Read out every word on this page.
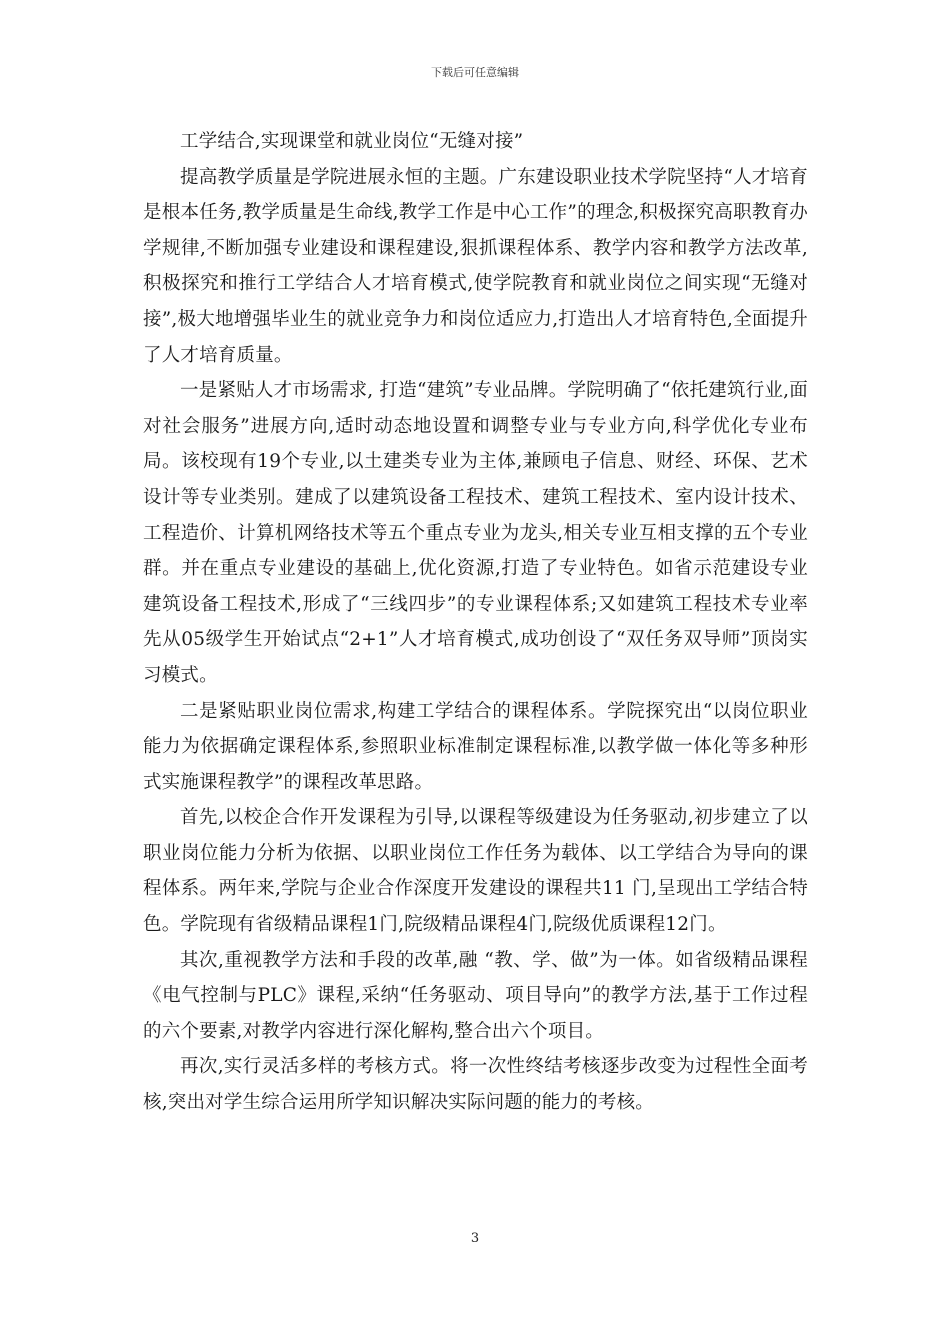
下载后可任意编辑

工学结合,实现课堂和就业岗位“无缝对接”

提高教学质量是学院进展永恒的主题。广东建设职业技术学院坚持“人才培育是根本任务,教学质量是生命线,教学工作是中心工作”的理念,积极探究高职教育办学规律,不断加强专业建设和课程建设,狠抓课程体系、教学内容和教学方法改革,积极探究和推行工学结合人才培育模式,使学院教育和就业岗位之间实现“无缝对接”,极大地增强毕业生的就业竞争力和岗位适应力,打造出人才培育特色,全面提升了人才培育质量。

一是紧贴人才市场需求, 打造“建筑”专业品牌。学院明确了“依托建筑行业,面对社会服务”进展方向,适时动态地设置和调整专业与专业方向,科学优化专业布局。该校现有19个专业,以土建类专业为主体,兼顾电子信息、财经、环保、艺术设计等专业类别。建成了以建筑设备工程技术、建筑工程技术、室内设计技术、工程造价、计算机网络技术等五个重点专业为龙头,相关专业互相支撑的五个专业群。并在重点专业建设的基础上,优化资源,打造了专业特色。如省示范建设专业建筑设备工程技术,形成了“三线四步”的专业课程体系;又如建筑工程技术专业率先从05级学生开始试点“2+1”人才培育模式,成功创设了“双任务双导师”顶岗实习模式。

二是紧贴职业岗位需求,构建工学结合的课程体系。学院探究出“以岗位职业能力为依据确定课程体系,参照职业标准制定课程标准,以教学做一体化等多种形式实施课程教学”的课程改革思路。

首先,以校企合作开发课程为引导,以课程等级建设为任务驱动,初步建立了以职业岗位能力分析为依据、以职业岗位工作任务为载体、以工学结合为导向的课程体系。两年来,学院与企业合作深度开发建设的课程共11 门,呈现出工学结合特色。学院现有省级精品课程1门,院级精品课程4门,院级优质课程12门。

其次,重视教学方法和手段的改革,融 “教、学、做”为一体。如省级精品课程《电气控制与PLC》课程,采纳“任务驱动、项目导向”的教学方法,基于工作过程的六个要素,对教学内容进行深化解构,整合出六个项目。

再次,实行灵活多样的考核方式。将一次性终结考核逐步改变为过程性全面考核,突出对学生综合运用所学知识解决实际问题的能力的考核。

3
